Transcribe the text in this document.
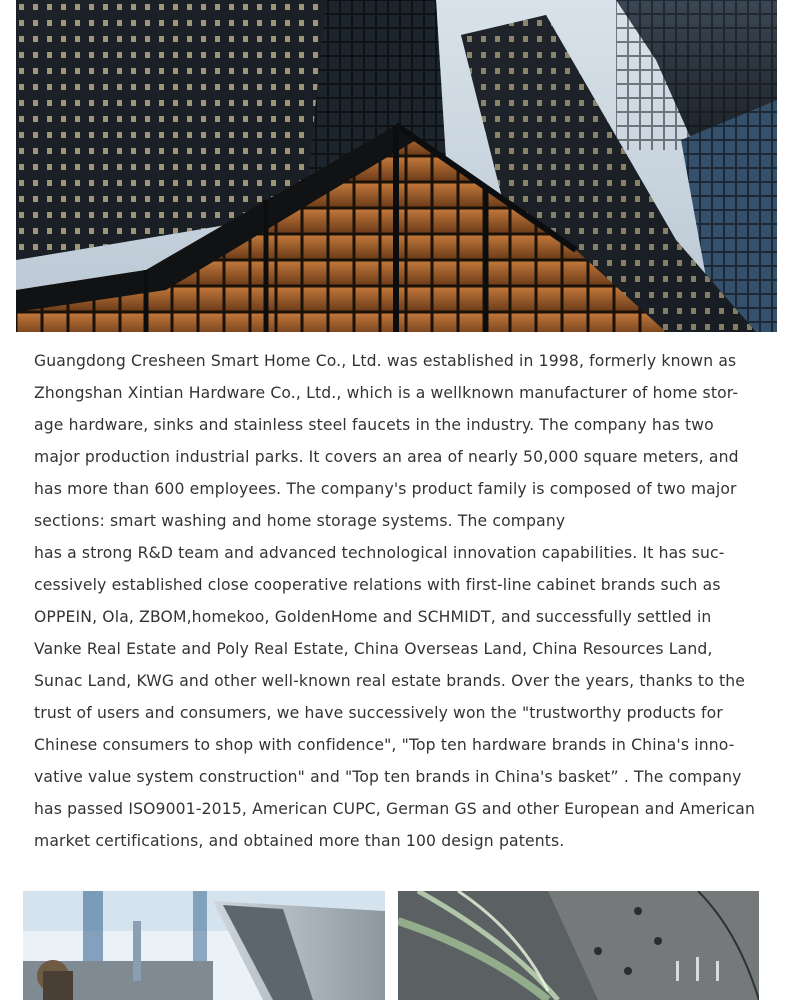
Guangdong Cresheen Smart Home Co., Ltd. was established in 1998, formerly known as
Zhongshan Xintian Hardware Co., Ltd., which is a wellknown manufacturer of home stor-
age hardware, sinks and stainless steel faucets in the industry. The company has two
major production industrial parks. It covers an area of nearly 50,000 square meters, and
has more than 600 employees. The company's product family is composed of two major
sections: smart washing and home storage systems. The company
has a strong R&D team and advanced technological innovation capabilities. It has suc-
cessively established close cooperative relations with first-line cabinet brands such as
OPPEIN, Ola, ZBOM,homekoo, GoldenHome and SCHMIDT, and successfully settled in
Vanke Real Estate and Poly Real Estate, China Overseas Land, China Resources Land,
Sunac Land, KWG and other well-known real estate brands. Over the years, thanks to the
trust of users and consumers, we have successively won the "trustworthy products for
Chinese consumers to shop with confidence", "Top ten hardware brands in China's inno-
vative value system construction" and "Top ten brands in China's basket” . The company
has passed ISO9001-2015, American CUPC, German GS and other European and American
market certifications, and obtained more than 100 design patents.
